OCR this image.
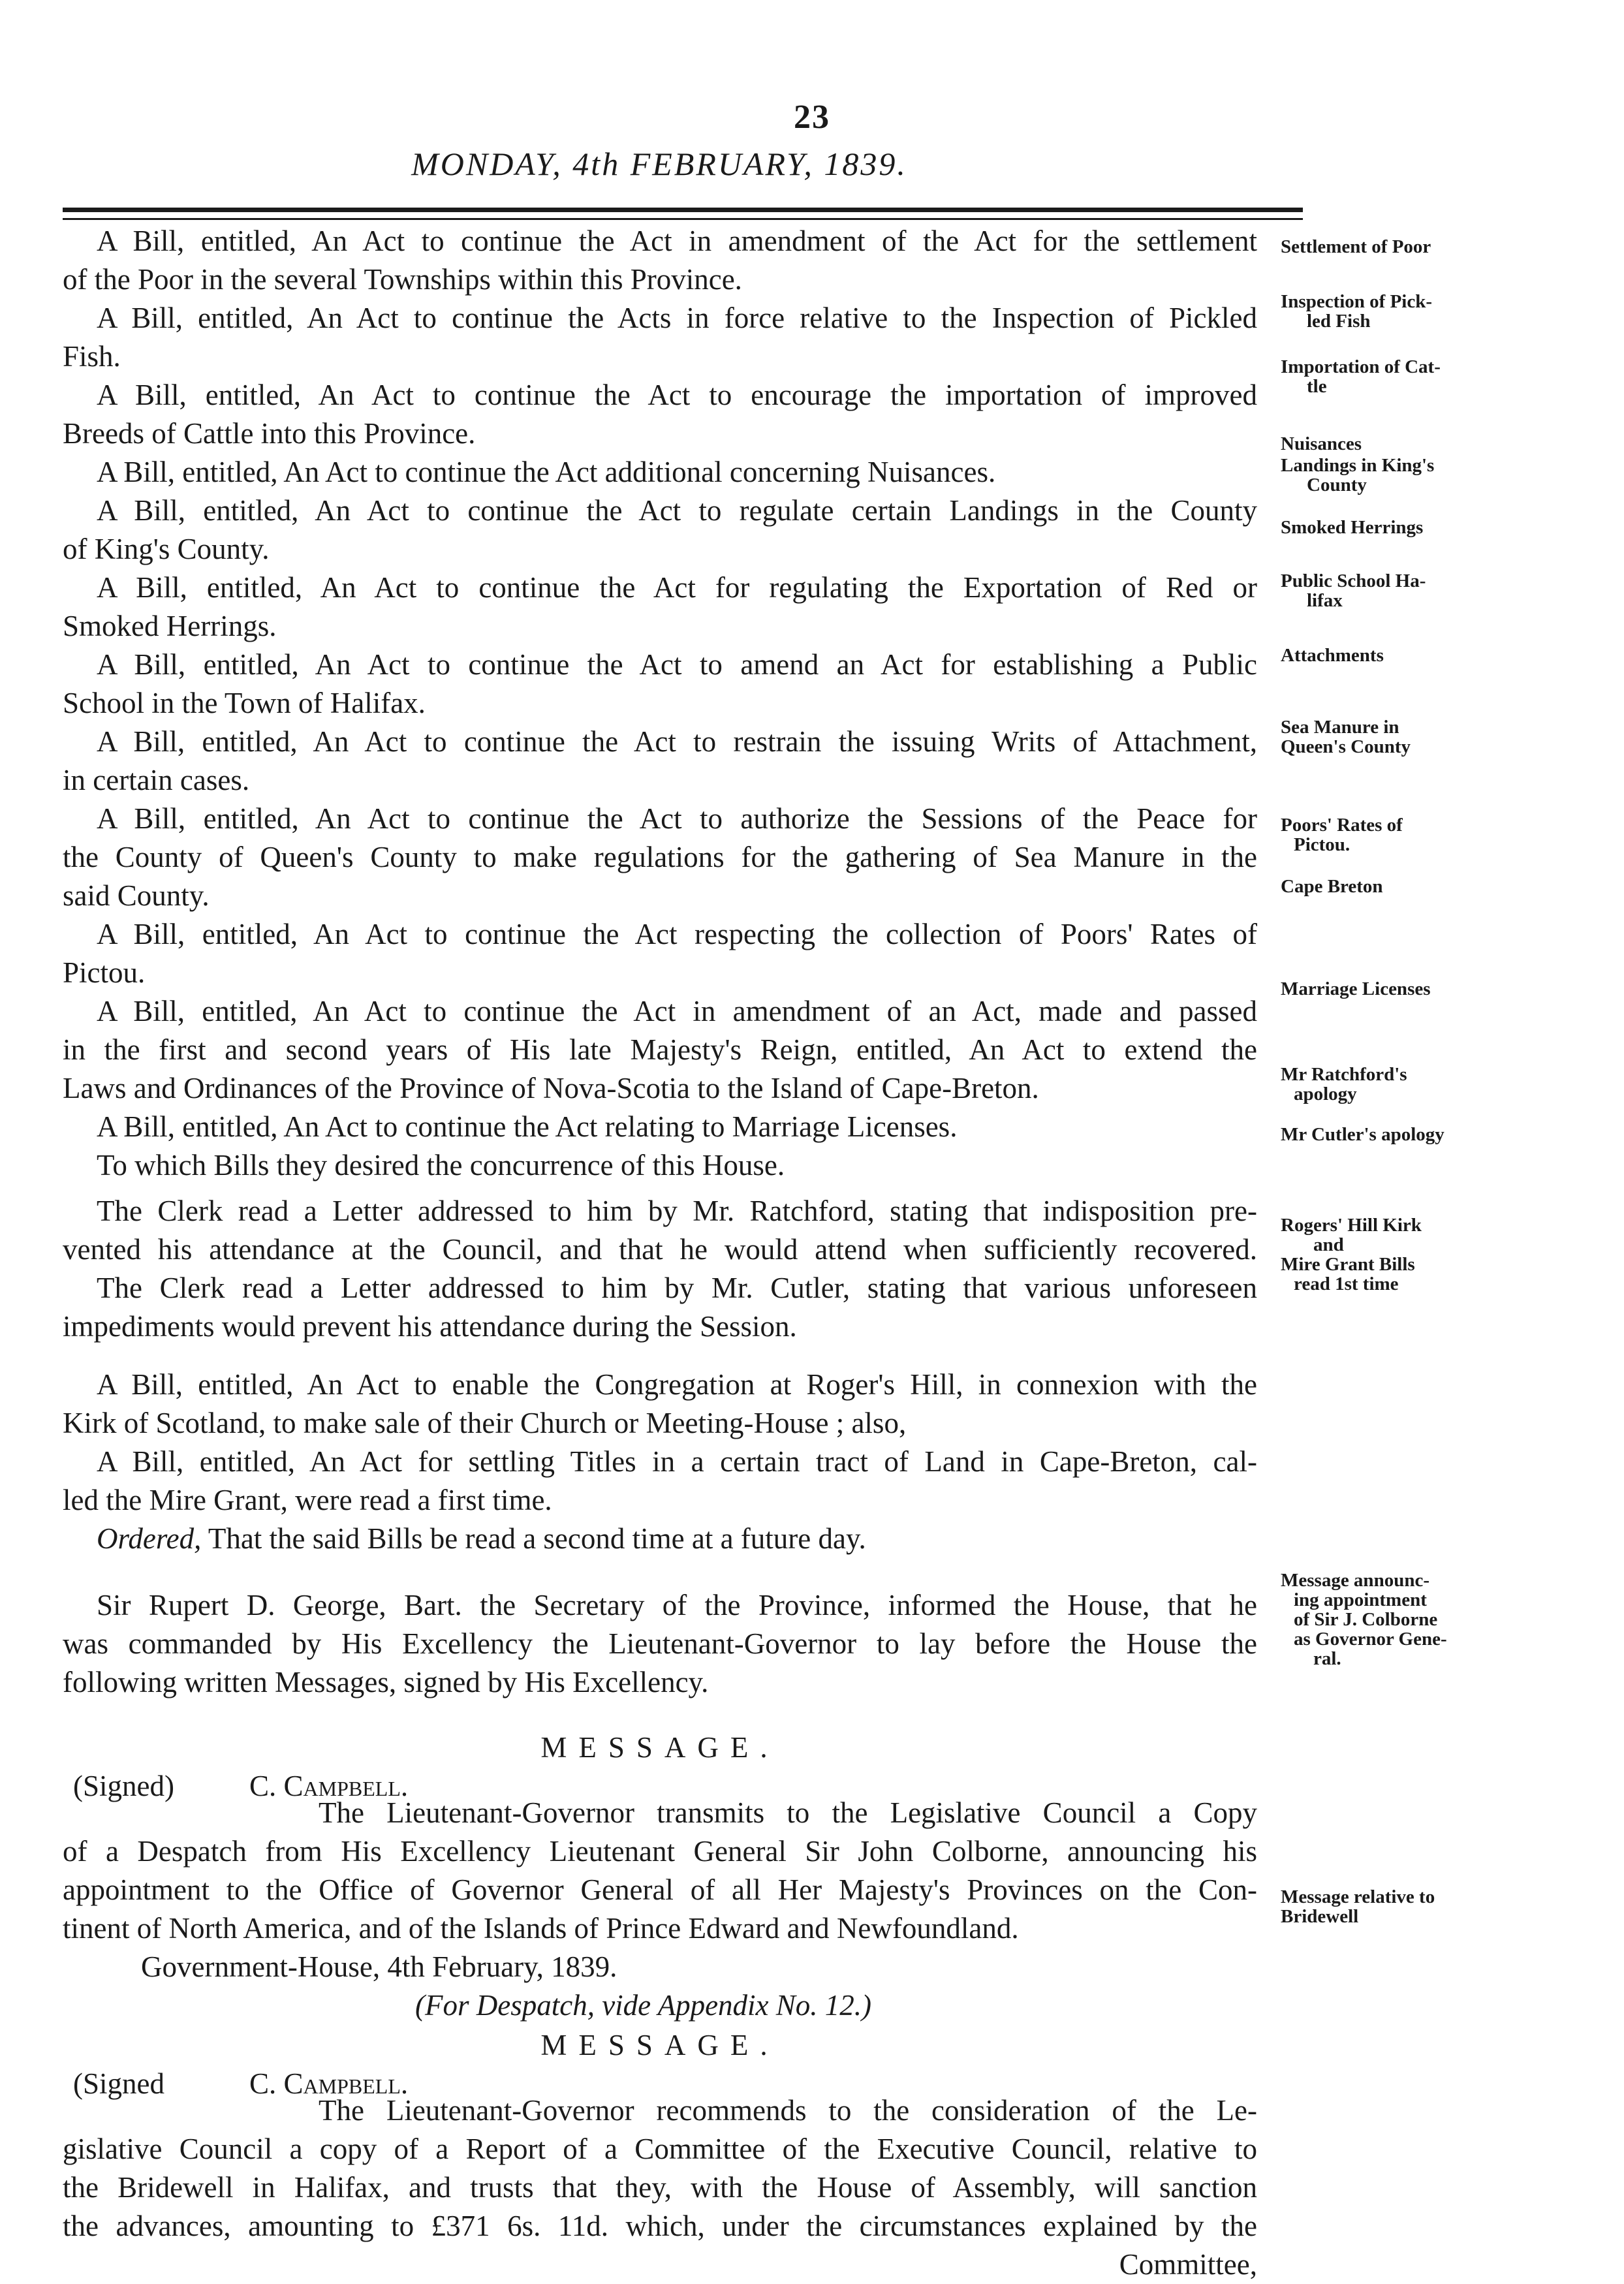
23
MONDAY, 4th FEBRUARY, 1839.
A Bill, entitled, An Act to continue the Act in amendment of the Act for the settlement
of the Poor in the several Townships within this Province.
A Bill, entitled, An Act to continue the Acts in force relative to the Inspection of Pickled
Fish.
A Bill, entitled, An Act to continue the Act to encourage the importation of improved
Breeds of Cattle into this Province.
A Bill, entitled, An Act to continue the Act additional concerning Nuisances.
A Bill, entitled, An Act to continue the Act to regulate certain Landings in the County
of King's County.
A Bill, entitled, An Act to continue the Act for regulating the Exportation of Red or
Smoked Herrings.
A Bill, entitled, An Act to continue the Act to amend an Act for establishing a Public
School in the Town of Halifax.
A Bill, entitled, An Act to continue the Act to restrain the issuing Writs of Attachment,
in certain cases.
A Bill, entitled, An Act to continue the Act to authorize the Sessions of the Peace for
the County of Queen's County to make regulations for the gathering of Sea Manure in the
said County.
A Bill, entitled, An Act to continue the Act respecting the collection of Poors' Rates of
Pictou.
A Bill, entitled, An Act to continue the Act in amendment of an Act, made and passed
in the first and second years of His late Majesty's Reign, entitled, An Act to extend the
Laws and Ordinances of the Province of Nova-Scotia to the Island of Cape-Breton.
A Bill, entitled, An Act to continue the Act relating to Marriage Licenses.
To which Bills they desired the concurrence of this House.
The Clerk read a Letter addressed to him by Mr. Ratchford, stating that indisposition pre-
vented his attendance at the Council, and that he would attend when sufficiently recovered.
The Clerk read a Letter addressed to him by Mr. Cutler, stating that various unforeseen
impediments would prevent his attendance during the Session.
A Bill, entitled, An Act to enable the Congregation at Roger's Hill, in connexion with the
Kirk of Scotland, to make sale of their Church or Meeting-House ; also,
A Bill, entitled, An Act for settling Titles in a certain tract of Land in Cape-Breton, cal-
led the Mire Grant, were read a first time.
Ordered, That the said Bills be read a second time at a future day.
Sir Rupert D. George, Bart. the Secretary of the Province, informed the House, that he
was commanded by His Excellency the Lieutenant-Governor to lay before the House the
following written Messages, signed by His Excellency.
MESSAGE.
(Signed)	C. Campbell.
The Lieutenant-Governor transmits to the Legislative Council a Copy
of a Despatch from His Excellency Lieutenant General Sir John Colborne, announcing his
appointment to the Office of Governor General of all Her Majesty's Provinces on the Con-
tinent of North America, and of the Islands of Prince Edward and Newfoundland.
Government-House, 4th February, 1839.
(For Despatch, vide Appendix No. 12.)
MESSAGE.
(Signed	C. Campbell.
The Lieutenant-Governor recommends to the consideration of the Le-
gislative Council a copy of a Report of a Committee of the Executive Council, relative to
the Bridewell in Halifax, and trusts that they, with the House of Assembly, will sanction
the advances, amounting to £371 6s. 11d. which, under the circumstances explained by the
Committee,
Settlement of Poor
Inspection of Pick-
led Fish
Importation of Cat-
tle
Nuisances
Landings in King's
County
Smoked Herrings
Public School Ha-
lifax
Attachments
Sea Manure in
Queen's County
Poors' Rates of
Pictou.
Cape Breton
Marriage Licenses
Mr Ratchford's
apology
Mr Cutler's apology
Rogers' Hill Kirk
and
Mire Grant Bills
read 1st time
Message announc-
ing appointment
of Sir J. Colborne
as Governor Gene-
ral.
Message relative to
Bridewell
